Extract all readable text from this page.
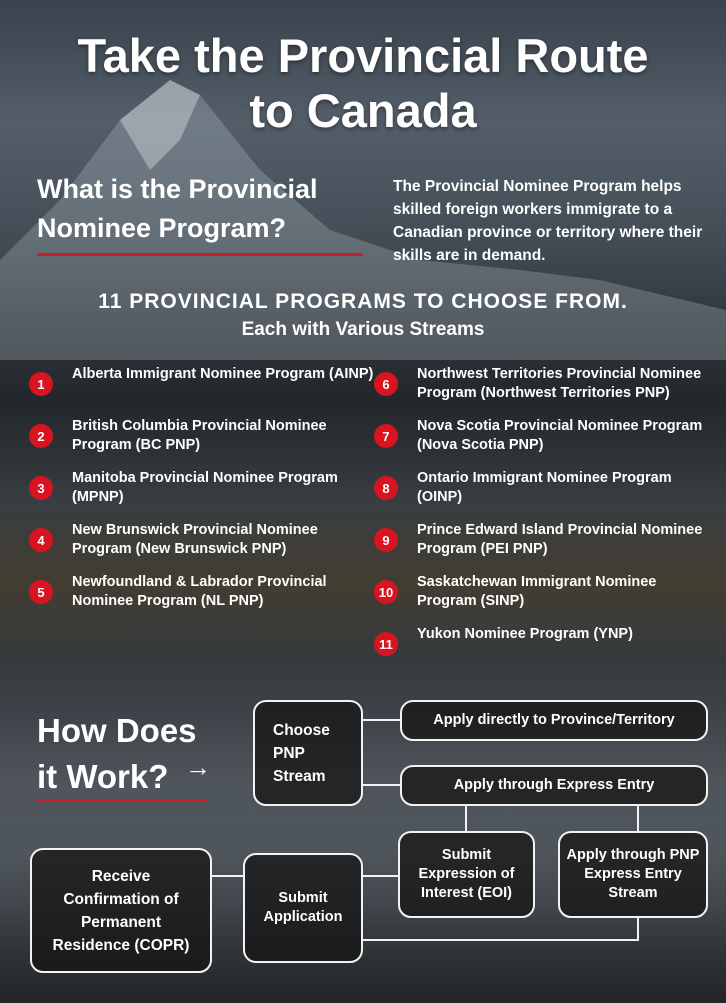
Take the Provincial Route
to Canada
What is the Provincial Nominee Program?
The Provincial Nominee Program helps skilled foreign workers immigrate to a Canadian province or territory where their skills are in demand.
11 PROVINCIAL PROGRAMS TO CHOOSE FROM.
Each with Various Streams
1
Alberta Immigrant Nominee Program (AINP)
2
British Columbia Provincial Nominee Program (BC PNP)
3
Manitoba Provincial Nominee Program (MPNP)
4
New Brunswick Provincial Nominee Program (New Brunswick PNP)
5
Newfoundland & Labrador Provincial Nominee Program (NL PNP)
6
Northwest Territories Provincial Nominee Program (Northwest Territories PNP)
7
Nova Scotia Provincial Nominee Program (Nova Scotia PNP)
8
Ontario Immigrant Nominee Program (OINP)
9
Prince Edward Island Provincial Nominee Program (PEI PNP)
10
Saskatchewan Immigrant Nominee Program (SINP)
11
Yukon Nominee Program (YNP)
How Does
it Work? →
Choose PNP Stream
Apply directly to Province/Territory
Apply through Express Entry
Submit Expression of Interest (EOI)
Apply through PNP Express Entry Stream
Submit Application
Receive Confirmation of Permanent Residence (COPR)
